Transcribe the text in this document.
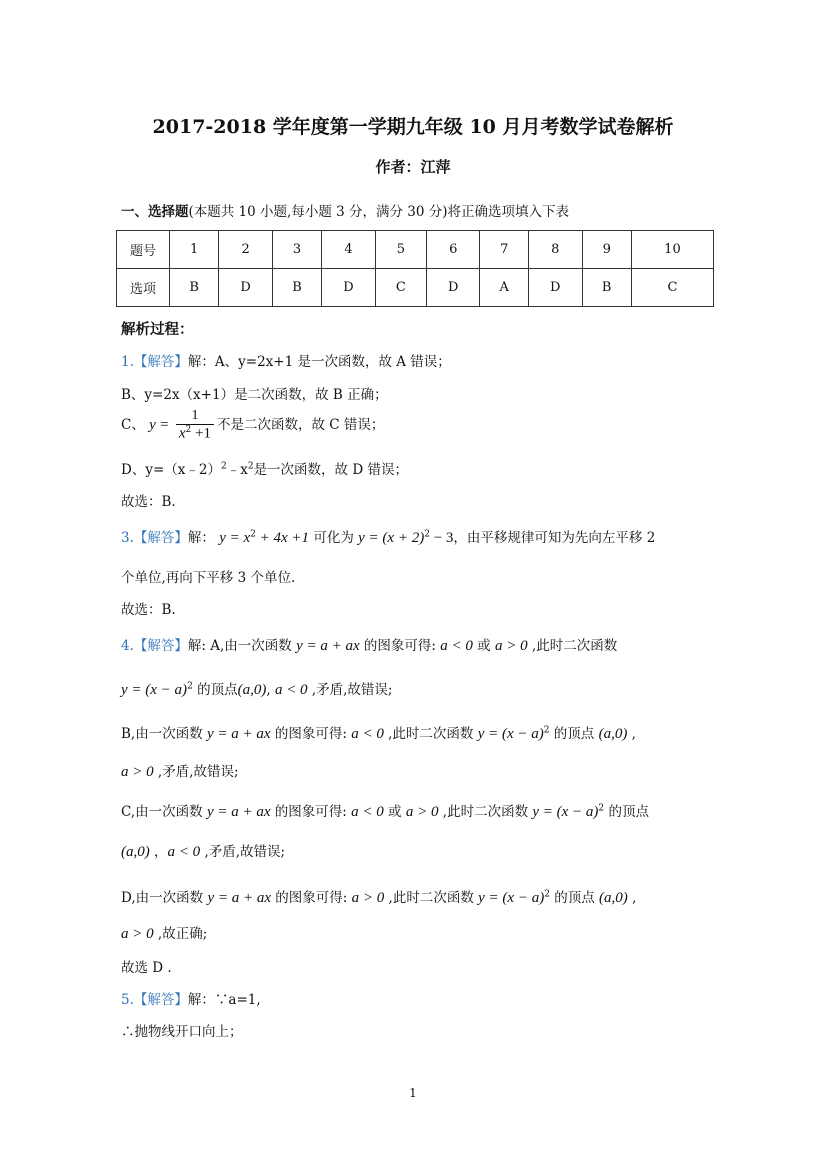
2017-2018 学年度第一学期九年级 10 月月考数学试卷解析
作者：江萍
一、选择题(本题共 10 小题,每小题 3 分，满分 30 分)将正确选项填入下表
题号	1	2	3	4	5	6	7	8	9	10
选项	B	D	B	D	C	D	A	D	B	C
解析过程：
1.【解答】解：A、y=2x+1 是一次函数，故 A 错误；
B、y=2x（x+1）是二次函数，故 B 正确；
C、 $y = \frac{1}{x^2 +1}$ 不是二次函数，故 C 错误；
D、$y=(x﹣2)^2﹣x^2$是一次函数，故 D 错误；
故选：B.
3.【解答】解： $y = x^2 + 4x +1$ 可化为 $y = (x + 2)^2 - 3$，由平移规律可知为先向左平移 2
个单位,再向下平移 3 个单位.
故选：B.
4.【解答】解: A,由一次函数 y = a + ax 的图象可得: a < 0 或 a > 0 ,此时二次函数
$y = (x - a)^2$ 的顶点(a,0), a < 0 ,矛盾,故错误;
B,由一次函数 y = a + ax 的图象可得: a < 0 ,此时二次函数 $y = (x - a)^2$ 的顶点 (a,0) ,
a > 0 ,矛盾,故错误;
C,由一次函数 y = a + ax 的图象可得: a < 0 或 a > 0 ,此时二次函数 $y = (x - a)^2$ 的顶点
(a,0) ，a < 0 ,矛盾,故错误;
D,由一次函数 y = a + ax 的图象可得: a > 0 ,此时二次函数 $y = (x - a)^2$ 的顶点 (a,0) ,
a > 0 ,故正确;
故选 D .
5.【解答】解：∵a=1,
∴抛物线开口向上；
1
